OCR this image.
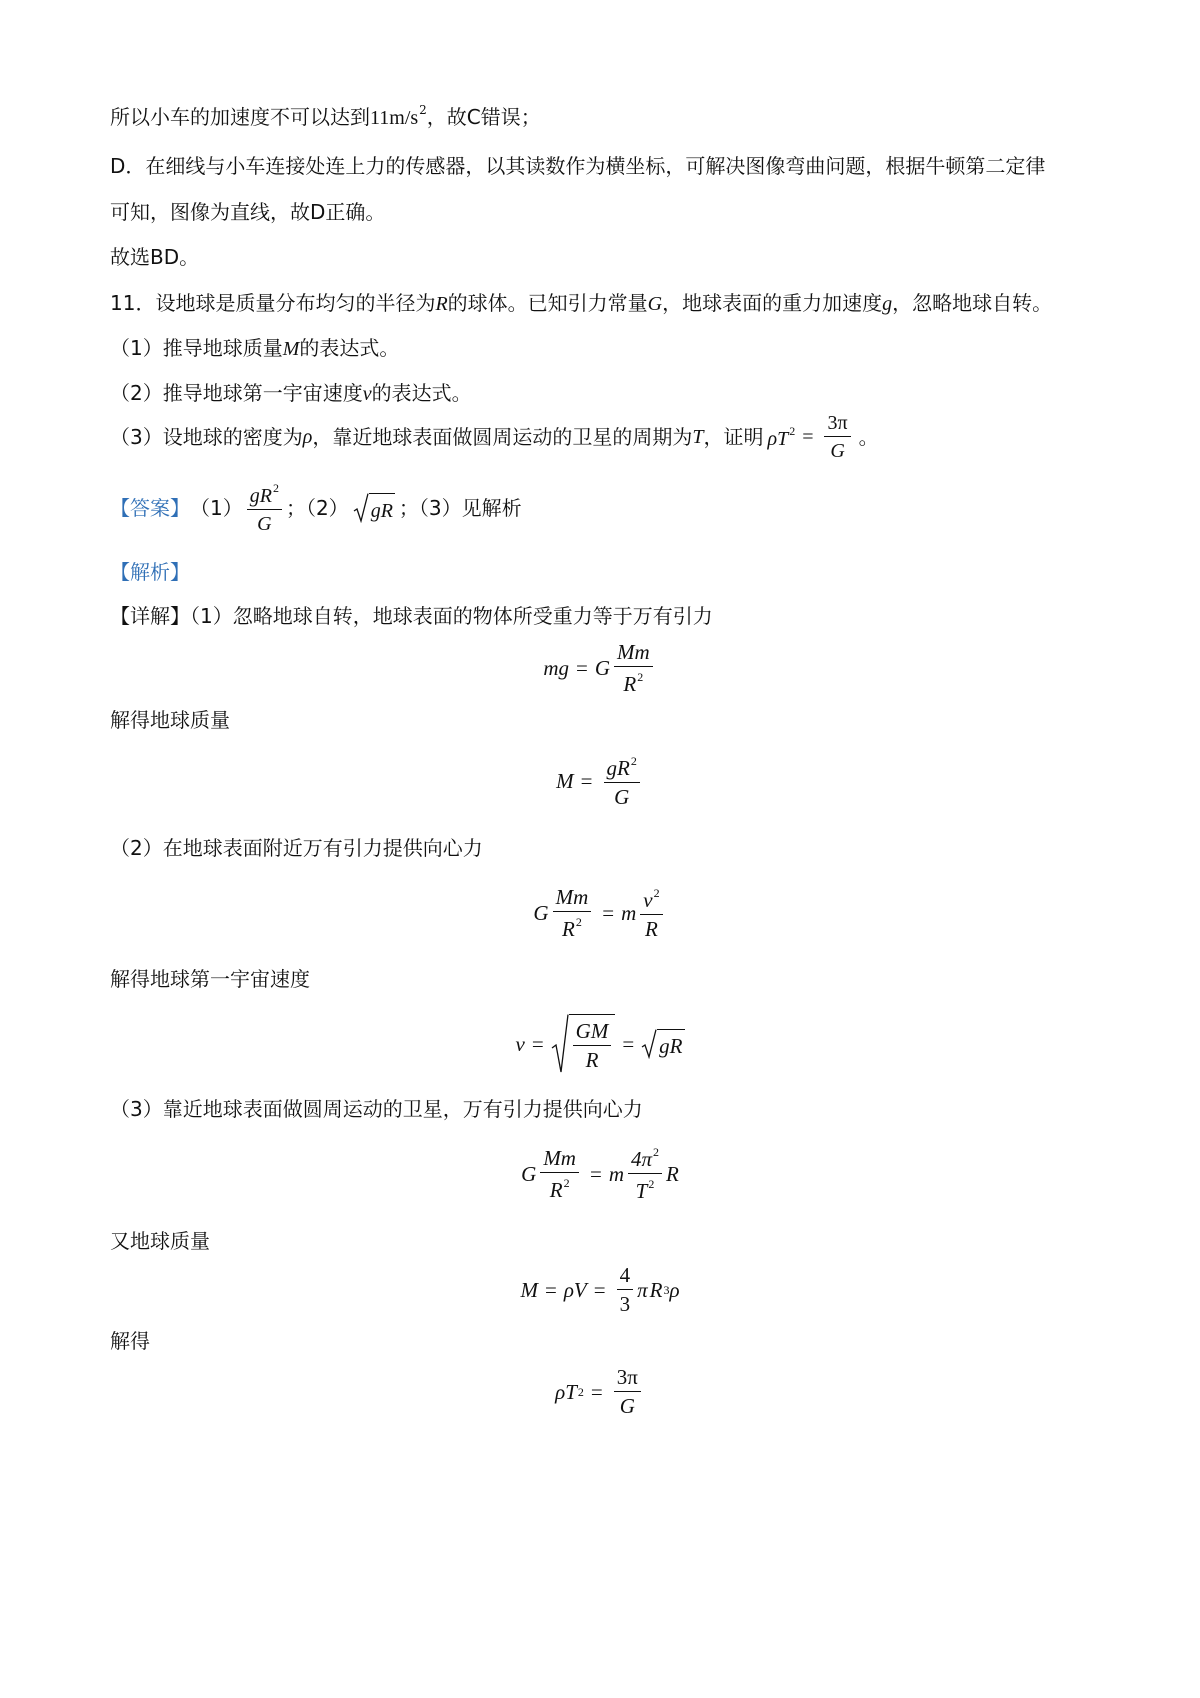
所以小车的加速度不可以达到$11m/s^2$，故C错误；
D．在细线与小车连接处连上力的传感器，以其读数作为横坐标，可解决图像弯曲问题，根据牛顿第二定律
可知，图像为直线，故D正确。
故选BD。
11．设地球是质量分布均匀的半径为R的球体。已知引力常量G，地球表面的重力加速度g，忽略地球自转。
（1）推导地球质量M的表达式。
（2）推导地球第一宇宙速度v的表达式。
（3）设地球的密度为 ρ ，靠近地球表面做圆周运动的卫星的周期为 T ，证明 $\rho T^2 = \frac{3\pi}{G}$ 。
【答案】 $(1) \frac{gR^2}{G}$ ；（2） gR ；（3）见解析
【解析】
【详解】（1）忽略地球自转，地球表面的物体所受重力等于万有引力
mg = G $\frac{Mm}{R^2}$
解得地球质量
$M = \frac{gR^2}{G}$
（2）在地球表面附近万有引力提供向心力
G $\frac{Mm}{R^2} = m \frac{v^2}{R}$
解得地球第一宇宙速度
$v = \frac{GM}{R}$ = gR
（3）靠近地球表面做圆周运动的卫星，万有引力提供向心力
G $\frac{Mm}{R^2} = m \frac{4\pi^2}{T^2}$ R
又地球质量
$M = \rho V = \frac{4}{3}$ π R 3 ρ
解得
ρT $2 = \frac{3\pi}{G}$
